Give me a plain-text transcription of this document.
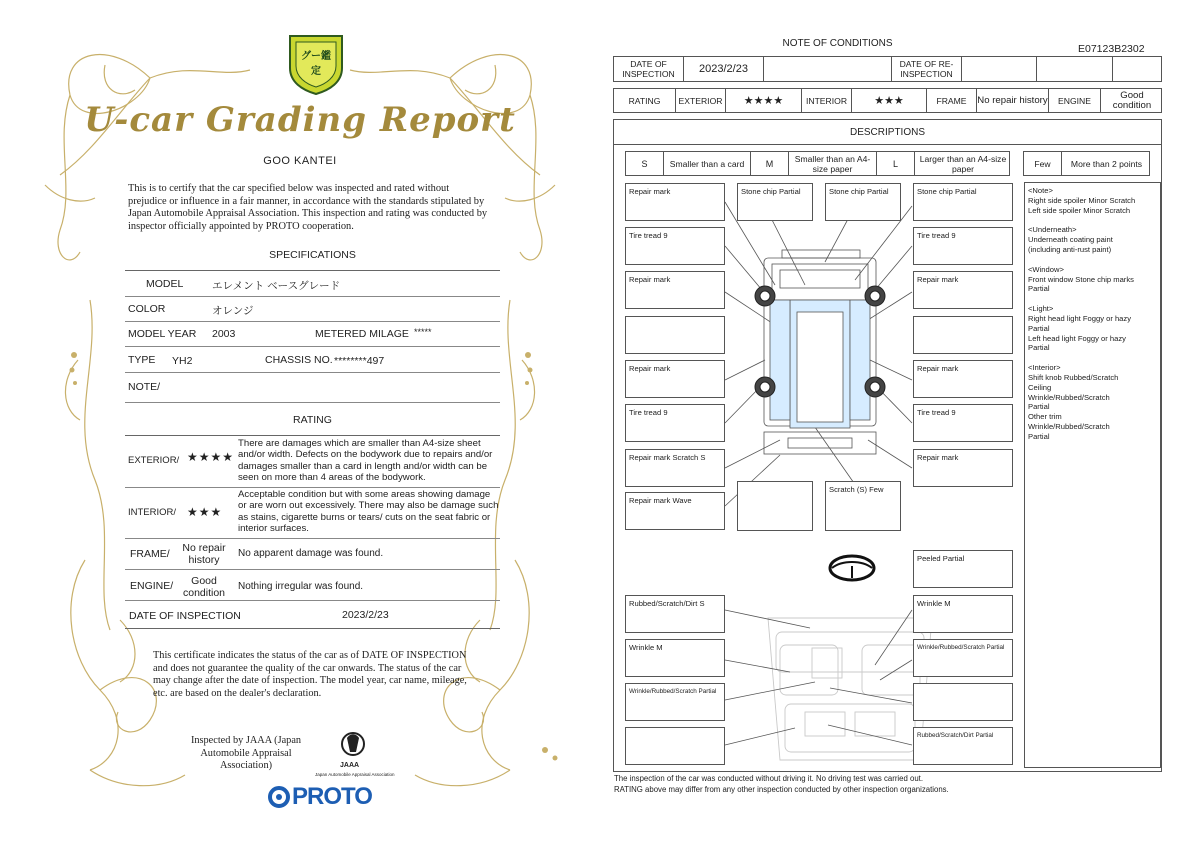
グー鑑定
U-car Grading Report
GOO KANTEI
This is to certify that the car specified below was inspected and rated without prejudice or influence in a fair manner, in accordance with the standards stipulated by Japan Automobile Appraisal Association. This inspection and rating was conducted by inspector officially appointed by PROTO cooperation.
SPECIFICATIONS
MODEL	エレメント ベースグレード
COLOR	オレンジ
MODEL YEAR 2003	METERED MILAGE *****
TYPE YH2	CHASSIS NO. ********497
NOTE/
RATING
EXTERIOR/ ★★★★
There are damages which are smaller than A4-size sheet and/or width. Defects on the bodywork due to repairs and/or damages smaller than a card in length and/or width can be seen on more than 4 areas of the bodywork.
INTERIOR/ ★★★
Acceptable condition but with some areas showing damage or are worn out excessively. There may also be damage such as stains, cigarette burns or tears/ cuts on the seat fabric or interior surfaces.
FRAME/	No repair history
No apparent damage was found.
ENGINE/	Good condition
Nothing irregular was found.
DATE OF INSPECTION	2023/2/23
This certificate indicates the status of the car as of DATE OF INSPECTION and does not guarantee the quality of the car onwards. The status of the car may change after the date of inspection. The model year, car name, mileage, etc. are based on the dealer's declaration.
Inspected by JAAA (Japan Automobile Appraisal Association)	JAAA
Japan Automobile Appraisal Association
PROTO
NOTE OF CONDITIONS	E07123B2302
DATE OF INSPECTION	2023/2/23	DATE OF RE-INSPECTION
RATING	EXTERIOR	★★★★	INTERIOR	★★★	FRAME	No repair history	ENGINE	Good condition
DESCRIPTIONS
S	Smaller than a card	M	Smaller than an A4-size paper	L	Larger than an A4-size paper	Few	More than 2 points
Repair mark	Stone chip Partial	Stone chip Partial	Stone chip Partial
Tire tread 9	Tire tread 9
Repair mark	Repair mark
Repair mark	Repair mark
Tire tread 9	Tire tread 9
Repair mark Scratch S	Repair mark
Repair mark Wave
Scratch (S) Few
Peeled Partial
Rubbed/Scratch/Dirt S	Wrinkle M
Wrinkle M	Wrinkle/Rubbed/Scratch Partial
Wrinkle/Rubbed/Scratch Partial
Rubbed/Scratch/Dirt Partial

<Note>
Right side spoiler Minor Scratch
Left side spoiler Minor Scratch

<Underneath>
Underneath coating paint
(including anti-rust paint)

<Window>
Front window Stone chip marks
Partial

<Light>
Right head light Foggy or hazy
Partial
Left head light Foggy or hazy
Partial

<Interior>
Shift knob Rubbed/Scratch
Ceiling
Wrinkle/Rubbed/Scratch
Partial
Other trim
Wrinkle/Rubbed/Scratch
Partial

The inspection of the car was conducted without driving it. No driving test was carried out.
RATING above may differ from any other inspection conducted by other inspection organizations.
